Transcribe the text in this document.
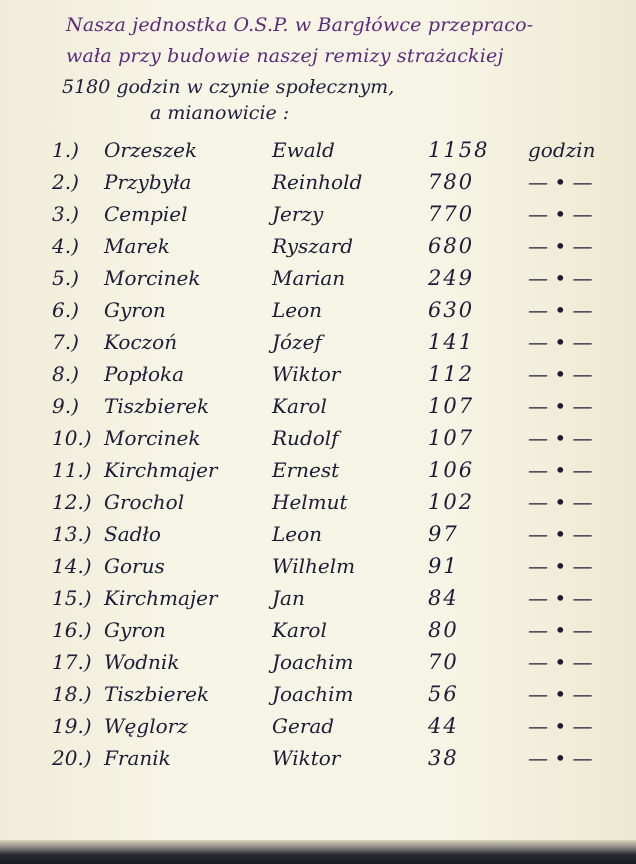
Nasza jednostka O.S.P. w Bargłówce przepraco-

wała przy budowie naszej remizy strażackiej

5180 godzin w czynie społecznym,

a mianowicie :

1.)	Orzeszek	Ewald	1158	godzin
2.)	Przybyła	Reinhold	780	— • —
3.)	Cempiel	Jerzy	770	— • —
4.)	Marek	Ryszard	680	— • —
5.)	Morcinek	Marian	249	— • —
6.)	Gyron	Leon	630	— • —
7.)	Koczoń	Józef	141	— • —
8.)	Popłoka	Wiktor	112	— • —
9.)	Tiszbierek	Karol	107	— • —
10.) Morcinek	Rudolf	107	— • —
11.) Kirchmajer	Ernest	106	— • —
12.) Grochol	Helmut	102	— • —
13.) Sadło	Leon	97	— • —
14.) Gorus	Wilhelm	91	— • —
15.) Kirchmajer	Jan	84	— • —
16.) Gyron	Karol	80	— • —
17.) Wodnik	Joachim	70	— • —
18.) Tiszbierek	Joachim	56	— • —
19.) Węglorz	Gerad	44	— • —
20.) Franik	Wiktor	38	— • —
